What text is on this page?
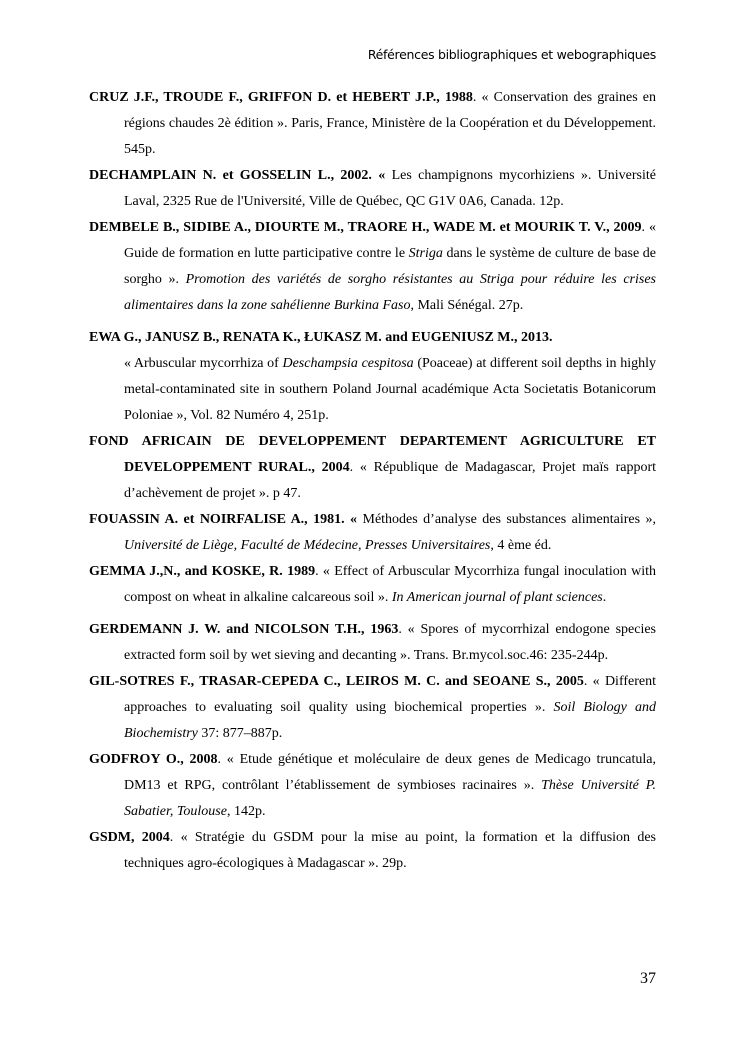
Références bibliographiques et webographiques

CRUZ J.F., TROUDE F., GRIFFON D. et HEBERT J.P., 1988. « Conservation des graines en régions chaudes 2è édition ». Paris, France, Ministère de la Coopération et du Développement. 545p.

DECHAMPLAIN N. et GOSSELIN L., 2002. « Les champignons mycorhiziens ». Université Laval, 2325 Rue de l'Université, Ville de Québec, QC G1V 0A6, Canada. 12p.

DEMBELE B., SIDIBE A., DIOURTE M., TRAORE H., WADE M. et MOURIK T. V., 2009. « Guide de formation en lutte participative contre le Striga dans le système de culture de base de sorgho ». Promotion des variétés de sorgho résistantes au Striga pour réduire les crises alimentaires dans la zone sahélienne Burkina Faso, Mali Sénégal. 27p.

EWA G., JANUSZ B., RENATA K., ŁUKASZ M. and EUGENIUSZ M., 2013.
« Arbuscular mycorrhiza of Deschampsia cespitosa (Poaceae) at different soil depths in highly metal-contaminated site in southern Poland Journal académique Acta Societatis Botanicorum Poloniae », Vol. 82 Numéro 4, 251p.

FOND AFRICAIN DE DEVELOPPEMENT DEPARTEMENT AGRICULTURE ET DEVELOPPEMENT RURAL., 2004. « République de Madagascar, Projet maïs rapport d’achèvement de projet ». p 47.

FOUASSIN A. et NOIRFALISE A., 1981. « Méthodes d’analyse des substances alimentaires », Université de Liège, Faculté de Médecine, Presses Universitaires, 4 ème éd.

GEMMA J.,N., and KOSKE, R. 1989. « Effect of Arbuscular Mycorrhiza fungal inoculation with compost on wheat in alkaline calcareous soil ». In American journal of plant sciences.

GERDEMANN J. W. and NICOLSON T.H., 1963. « Spores of mycorrhizal endogone species extracted form soil by wet sieving and decanting ». Trans. Br.mycol.soc.46: 235-244p.

GIL-SOTRES F., TRASAR-CEPEDA C., LEIROS M. C. and SEOANE S., 2005. « Different approaches to evaluating soil quality using biochemical properties ». Soil Biology and Biochemistry 37: 877–887p.

GODFROY O., 2008. « Etude génétique et moléculaire de deux genes de Medicago truncatula, DM13 et RPG, contrôlant l’établissement de symbioses racinaires ». Thèse Université P. Sabatier, Toulouse, 142p.

GSDM, 2004. « Stratégie du GSDM pour la mise au point, la formation et la diffusion des techniques agro-écologiques à Madagascar ». 29p.

37
